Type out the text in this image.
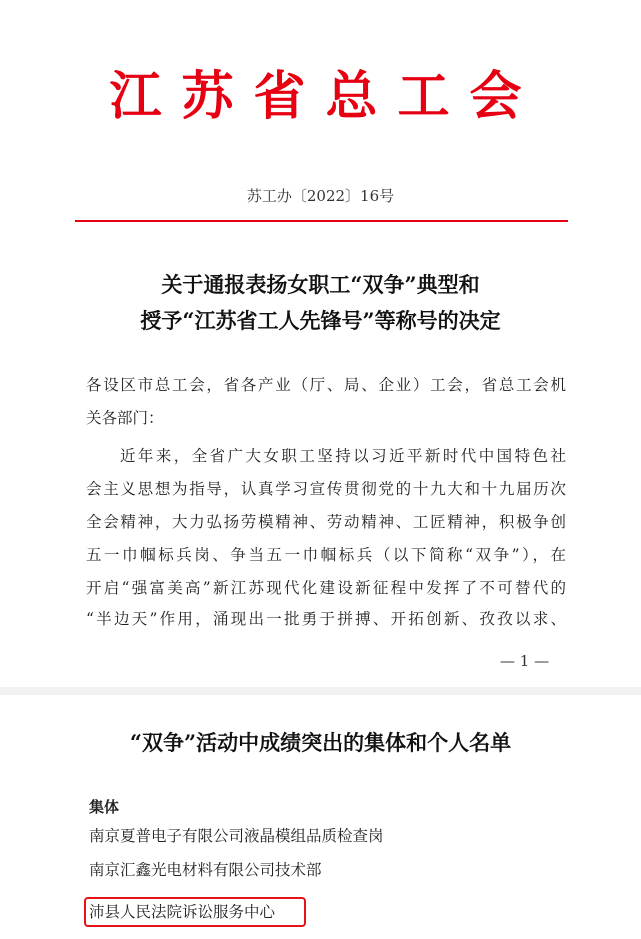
江苏省总工会
苏工办〔2022〕16号
关于通报表扬女职工“双争”典型和
授予“江苏省工人先锋号”等称号的决定
各设区市总工会，省各产业（厅、局、企业）工会，省总工会机
关各部门：
近年来，全省广大女职工坚持以习近平新时代中国特色社
会主义思想为指导，认真学习宣传贯彻党的十九大和十九届历次
全会精神，大力弘扬劳模精神、劳动精神、工匠精神，积极争创
五一巾帼标兵岗、争当五一巾帼标兵（以下简称“双争”），在
开启“强富美高”新江苏现代化建设新征程中发挥了不可替代的
“半边天”作用，涌现出一批勇于拼搏、开拓创新、孜孜以求、
— 1 —
“双争”活动中成绩突出的集体和个人名单
集体
南京夏普电子有限公司液晶模组品质检查岗
南京汇鑫光电材料有限公司技术部
沛县人民法院诉讼服务中心
